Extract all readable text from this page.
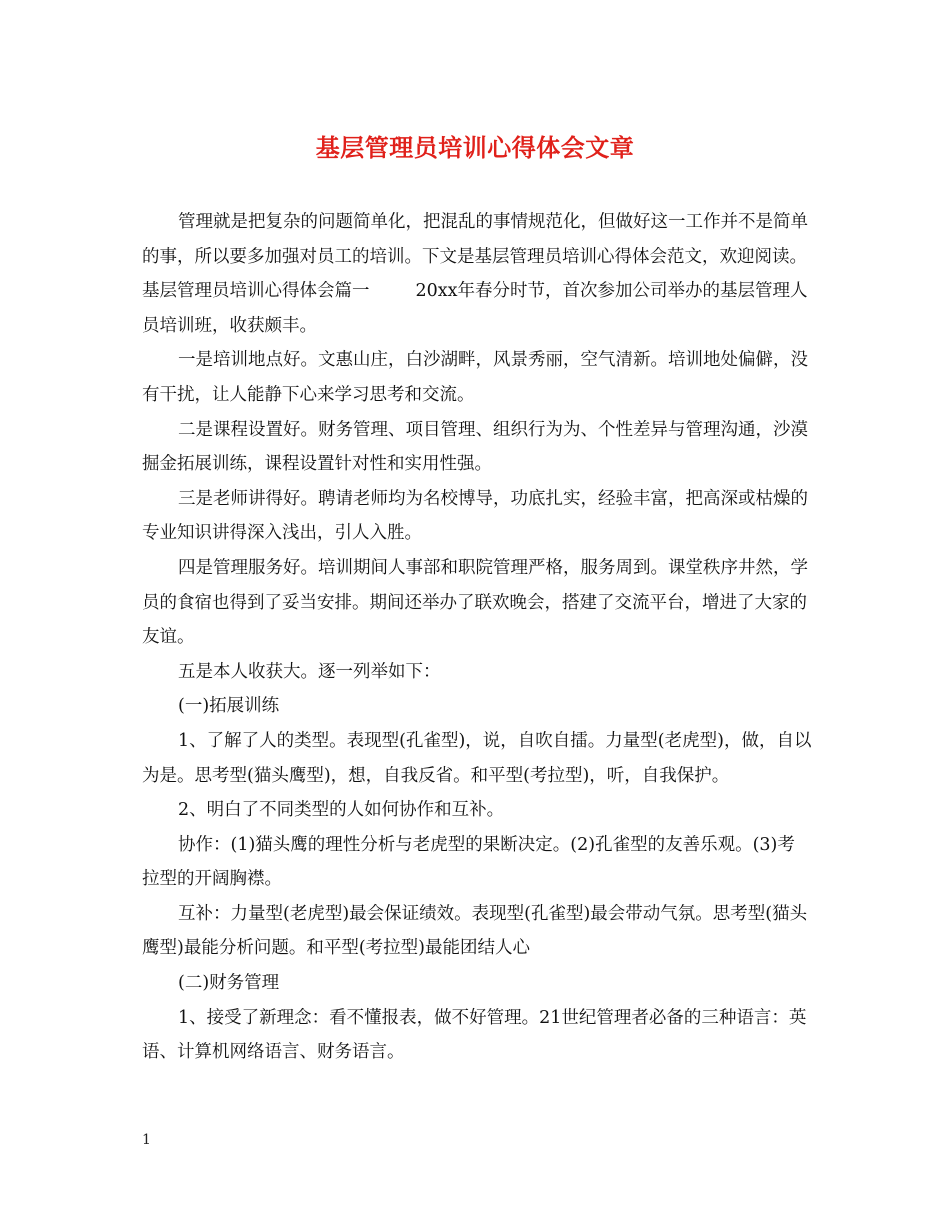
基层管理员培训心得体会文章

管理就是把复杂的问题简单化，把混乱的事情规范化，但做好这一工作并不是简单的事，所以要多加强对员工的培训。下文是基层管理员培训心得体会范文，欢迎阅读。

基层管理员培训心得体会篇一	20xx年春分时节，首次参加公司举办的基层管理人员培训班，收获颇丰。

一是培训地点好。文惠山庄，白沙湖畔，风景秀丽，空气清新。培训地处偏僻，没有干扰，让人能静下心来学习思考和交流。

二是课程设置好。财务管理、项目管理、组织行为为、个性差异与管理沟通，沙漠掘金拓展训练，课程设置针对性和实用性强。

三是老师讲得好。聘请老师均为名校博导，功底扎实，经验丰富，把高深或枯燥的专业知识讲得深入浅出，引人入胜。

四是管理服务好。培训期间人事部和职院管理严格，服务周到。课堂秩序井然，学员的食宿也得到了妥当安排。期间还举办了联欢晚会，搭建了交流平台，增进了大家的友谊。

五是本人收获大。逐一列举如下：

(一)拓展训练

1、了解了人的类型。表现型(孔雀型)，说，自吹自擂。力量型(老虎型)，做，自以为是。思考型(猫头鹰型)，想，自我反省。和平型(考拉型)，听，自我保护。

2、明白了不同类型的人如何协作和互补。

协作：(1)猫头鹰的理性分析与老虎型的果断决定。(2)孔雀型的友善乐观。(3)考拉型的开阔胸襟。

互补：力量型(老虎型)最会保证绩效。表现型(孔雀型)最会带动气氛。思考型(猫头鹰型)最能分析问题。和平型(考拉型)最能团结人心

(二)财务管理

1、接受了新理念：看不懂报表，做不好管理。21世纪管理者必备的三种语言：英语、计算机网络语言、财务语言。

1
